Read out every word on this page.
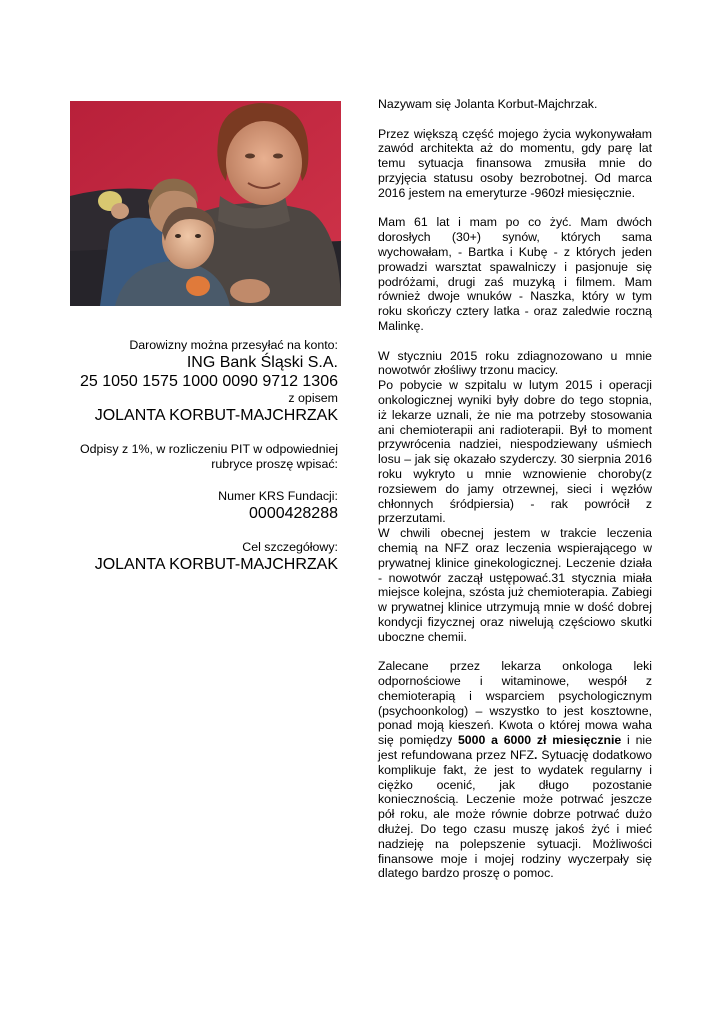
Darowizny można przesyłać na konto:

ING Bank Śląski S.A.

25 1050 1575 1000 0090 9712 1306

z opisem

JOLANTA KORBUT-MAJCHRZAK

Odpisy z 1%, w rozliczeniu PIT w odpowiedniej

rubryce proszę wpisać:

Numer KRS Fundacji:

0000428288

Cel szczegółowy:

JOLANTA KORBUT-MAJCHRZAK

Nazywam się Jolanta Korbut-Majchrzak.

Przez większą część mojego życia wykonywałam zawód architekta aż do momentu, gdy parę lat temu sytuacja finansowa zmusiła mnie do przyjęcia statusu osoby bezrobotnej. Od marca 2016 jestem na emeryturze -960zł miesięcznie.

Mam 61 lat i mam po co żyć. Mam dwóch dorosłych (30+) synów, których sama wychowałam, - Bartka i Kubę - z których jeden prowadzi warsztat spawalniczy i pasjonuje się podróżami, drugi zaś muzyką i filmem. Mam również dwoje wnuków - Naszka, który w tym roku skończy cztery latka - oraz zaledwie roczną Malinkę.

W styczniu 2015 roku zdiagnozowano u mnie nowotwór złośliwy trzonu macicy.

Po pobycie w szpitalu w lutym 2015 i operacji onkologicznej wyniki były dobre do tego stopnia, iż lekarze uznali, że nie ma potrzeby stosowania ani chemioterapii ani radioterapii. Był to moment przywrócenia nadziei, niespodziewany uśmiech losu – jak się okazało szyderczy. 30 sierpnia 2016 roku wykryto u mnie wznowienie choroby(z rozsiewem do jamy otrzewnej, sieci i węzłów chłonnych śródpiersia) - rak powrócił z przerzutami.

W chwili obecnej jestem w trakcie leczenia chemią na NFZ oraz leczenia wspierającego w prywatnej klinice ginekologicznej. Leczenie działa - nowotwór zaczął ustępować.31 stycznia miała miejsce kolejna, szósta już chemioterapia. Zabiegi w prywatnej klinice utrzymują mnie w dość dobrej kondycji fizycznej oraz niwelują częściowo skutki uboczne chemii.

Zalecane przez lekarza onkologa leki odpornościowe i witaminowe, wespół z chemioterapią i wsparciem psychologicznym (psychoonkolog) – wszystko to jest kosztowne, ponad moją kieszeń. Kwota o której mowa waha się pomiędzy 5000 a 6000 zł miesięcznie i nie jest refundowana przez NFZ. Sytuację dodatkowo komplikuje fakt, że jest to wydatek regularny i ciężko ocenić, jak długo pozostanie koniecznością. Leczenie może potrwać jeszcze pół roku, ale może równie dobrze potrwać dużo dłużej. Do tego czasu muszę jakoś żyć i mieć nadzieję na polepszenie sytuacji. Możliwości finansowe moje i mojej rodziny wyczerpały się dlatego bardzo proszę o pomoc.
